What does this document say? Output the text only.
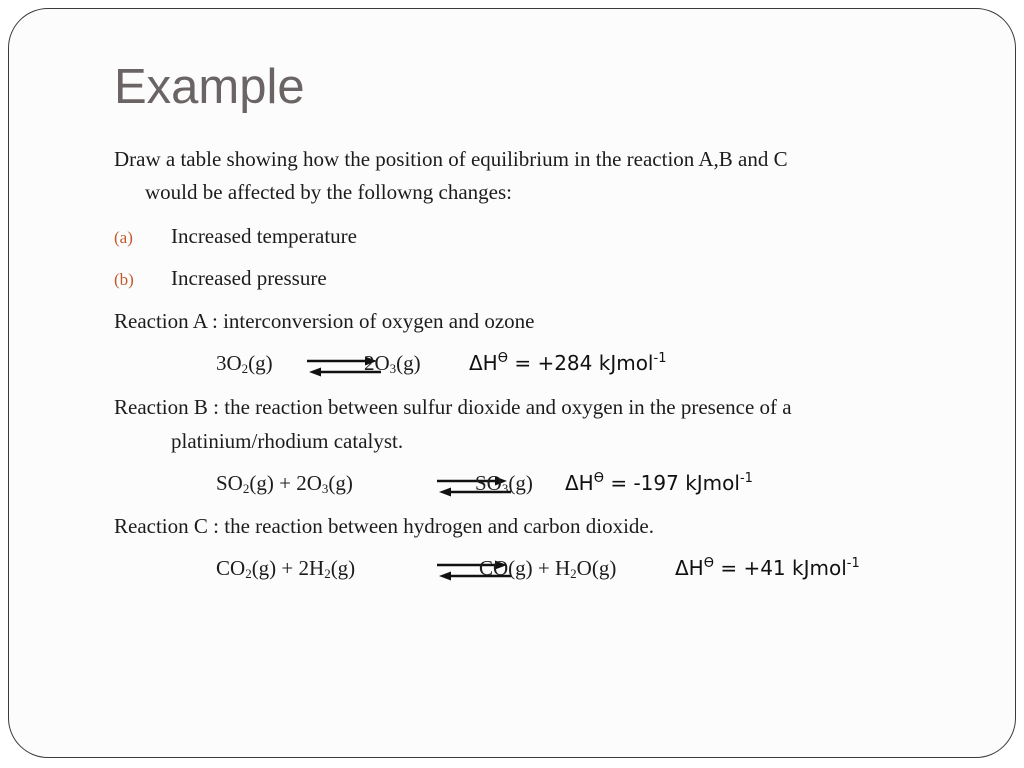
Example
Draw a table showing how the position of equilibrium in the reaction A,B and C
would be affected by the followng changes:
(a) Increased temperature
(b) Increased pressure
Reaction A : interconversion of oxygen and ozone
$3O_2(g)$	$2O_3(g) \Delta H^ϴ = +284$ kJmol$^{-1}$
Reaction B : the reaction between sulfur dioxide and oxygen in the presence of a
platinium/rhodium catalyst.
$SO_2(g) + 2O_3(g)$	$SO_3(g) \Delta H^ϴ = -197$ kJmol$^{-1}$
Reaction C : the reaction between hydrogen and carbon dioxide.
$CO_2(g) + 2H_2(g)$	$CO(g) + H_2O(g)$	$\Delta H^ϴ = +41$ kJmol$^{-1}$
